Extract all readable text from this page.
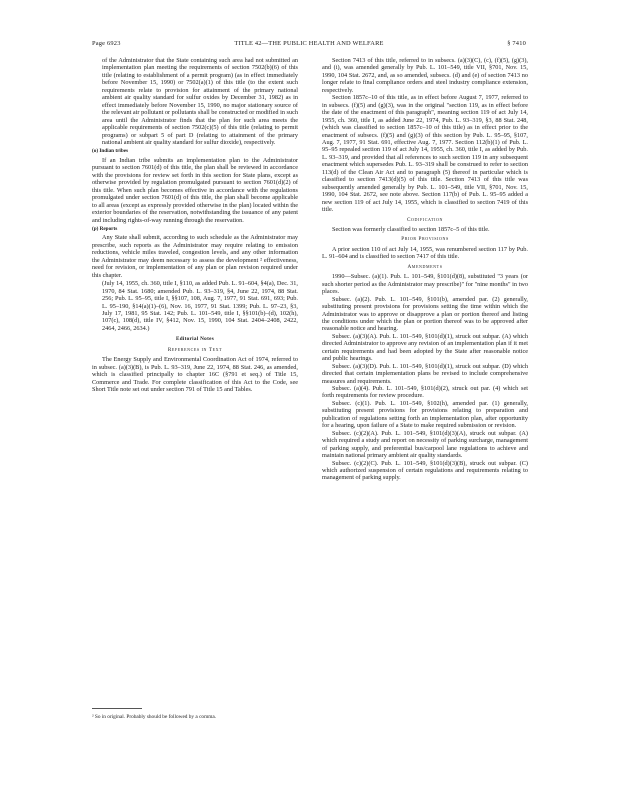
Page 6923	TITLE 42—THE PUBLIC HEALTH AND WELFARE	§ 7410

of the Administrator that the State containing such area had not submitted an implementation plan meeting the requirements of section 7502(b)(6) of this title (relating to establishment of a permit program) (as in effect immediately before November 15, 1990) or 7502(a)(1) of this title (to the extent such requirements relate to provision for attainment of the primary national ambient air quality standard for sulfur oxides by December 31, 1982) as in effect immediately before November 15, 1990, no major stationary source of the relevant air pollutant or pollutants shall be constructed or modified in such area until the Administrator finds that the plan for such area meets the applicable requirements of section 7502(c)(5) of this title (relating to permit programs) or subpart 5 of part D (relating to attainment of the primary national ambient air quality standard for sulfur dioxide), respectively.

(o) Indian tribes

If an Indian tribe submits an implementation plan to the Administrator pursuant to section 7601(d) of this title, the plan shall be reviewed in accordance with the provisions for review set forth in this section for State plans, except as otherwise provided by regulation promulgated pursuant to section 7601(d)(2) of this title. When such plan becomes effective in accordance with the regulations promulgated under section 7601(d) of this title, the plan shall become applicable to all areas (except as expressly provided otherwise in the plan) located within the exterior boundaries of the reservation, notwithstanding the issuance of any patent and including rights-of-way running through the reservation.

(p) Reports

Any State shall submit, according to such schedule as the Administrator may prescribe, such reports as the Administrator may require relating to emission reductions, vehicle miles traveled, congestion levels, and any other information the Administrator may deem necessary to assess the development ² effectiveness, need for revision, or implementation of any plan or plan revision required under this chapter.

(July 14, 1955, ch. 360, title I, §110, as added Pub. L. 91–604, §4(a), Dec. 31, 1970, 84 Stat. 1680; amended Pub. L. 93–319, §4, June 22, 1974, 88 Stat. 256; Pub. L. 95–95, title I, §§107, 108, Aug. 7, 1977, 91 Stat. 691, 693; Pub. L. 95–190, §14(a)(1)–(6), Nov. 16, 1977, 91 Stat. 1399; Pub. L. 97–23, §3, July 17, 1981, 95 Stat. 142; Pub. L. 101–549, title I, §§101(b)–(d), 102(h), 107(c), 108(d), title IV, §412, Nov. 15, 1990, 104 Stat. 2404–2408, 2422, 2464, 2466, 2634.)

Editorial Notes
References in Text

The Energy Supply and Environmental Coordination Act of 1974, referred to in subsec. (a)(3)(B), is Pub. L. 93–319, June 22, 1974, 88 Stat. 246, as amended, which is classified principally to chapter 16C (§791 et seq.) of Title 15, Commerce and Trade. For complete classification of this Act to the Code, see Short Title note set out under section 791 of Title 15 and Tables.

² So in original. Probably should be followed by a comma.

Section 7413 of this title, referred to in subsecs. (a)(3)(C), (c), (f)(5), (g)(3), and (i), was amended generally by Pub. L. 101–549, title VII, §701, Nov. 15, 1990, 104 Stat. 2672, and, as so amended, subsecs. (d) and (e) of section 7413 no longer relate to final compliance orders and steel industry compliance extension, respectively.

Section 1857c–10 of this title, as in effect before August 7, 1977, referred to in subsecs. (f)(5) and (g)(3), was in the original "section 119, as in effect before the date of the enactment of this paragraph", meaning section 119 of act July 14, 1955, ch. 360, title I, as added June 22, 1974, Pub. L. 93–319, §3, 88 Stat. 248, (which was classified to section 1857c–10 of this title) as in effect prior to the enactment of subsecs. (f)(5) and (g)(3) of this section by Pub. L. 95–95, §107, Aug. 7, 1977, 91 Stat. 691, effective Aug. 7, 1977. Section 112(b)(1) of Pub. L. 95–95 repealed section 119 of act July 14, 1955, ch. 360, title I, as added by Pub. L. 93–319, and provided that all references to such section 119 in any subsequent enactment which supersedes Pub. L. 93–319 shall be construed to refer to section 113(d) of the Clean Air Act and to paragraph (5) thereof in particular which is classified to section 7413(d)(5) of this title. Section 7413 of this title was subsequently amended generally by Pub. L. 101–549, title VII, §701, Nov. 15, 1990, 104 Stat. 2672, see note above. Section 117(b) of Pub. L. 95–95 added a new section 119 of act July 14, 1955, which is classified to section 7419 of this title.

Codification

Section was formerly classified to section 1857c–5 of this title.

Prior Provisions

A prior section 110 of act July 14, 1955, was renumbered section 117 by Pub. L. 91–604 and is classified to section 7417 of this title.

Amendments

1990—Subsec. (a)(1). Pub. L. 101–549, §101(d)(8), substituted "3 years (or such shorter period as the Administrator may prescribe)" for "nine months" in two places.

Subsec. (a)(2). Pub. L. 101–549, §101(b), amended par. (2) generally, substituting present provisions for provisions setting the time within which the Administrator was to approve or disapprove a plan or portion thereof and listing the conditions under which the plan or portion thereof was to be approved after reasonable notice and hearing.

Subsec. (a)(3)(A). Pub. L. 101–549, §101(d)(1), struck out subpar. (A) which directed Administrator to approve any revision of an implementation plan if it met certain requirements and had been adopted by the State after reasonable notice and public hearings.

Subsec. (a)(3)(D). Pub. L. 101–549, §101(d)(1), struck out subpar. (D) which directed that certain implementation plans be revised to include comprehensive measures and requirements.

Subsec. (a)(4). Pub. L. 101–549, §101(d)(2), struck out par. (4) which set forth requirements for review procedure.

Subsec. (c)(1). Pub. L. 101–549, §102(h), amended par. (1) generally, substituting present provisions for provisions relating to preparation and publication of regulations setting forth an implementation plan, after opportunity for a hearing, upon failure of a State to make required submission or revision.

Subsec. (c)(2)(A). Pub. L. 101–549, §101(d)(3)(A), struck out subpar. (A) which required a study and report on necessity of parking surcharge, management of parking supply, and preferential bus/carpool lane regulations to achieve and maintain national primary ambient air quality standards.

Subsec. (c)(2)(C). Pub. L. 101–549, §101(d)(3)(B), struck out subpar. (C) which authorized suspension of certain regulations and requirements relating to management of parking supply.
